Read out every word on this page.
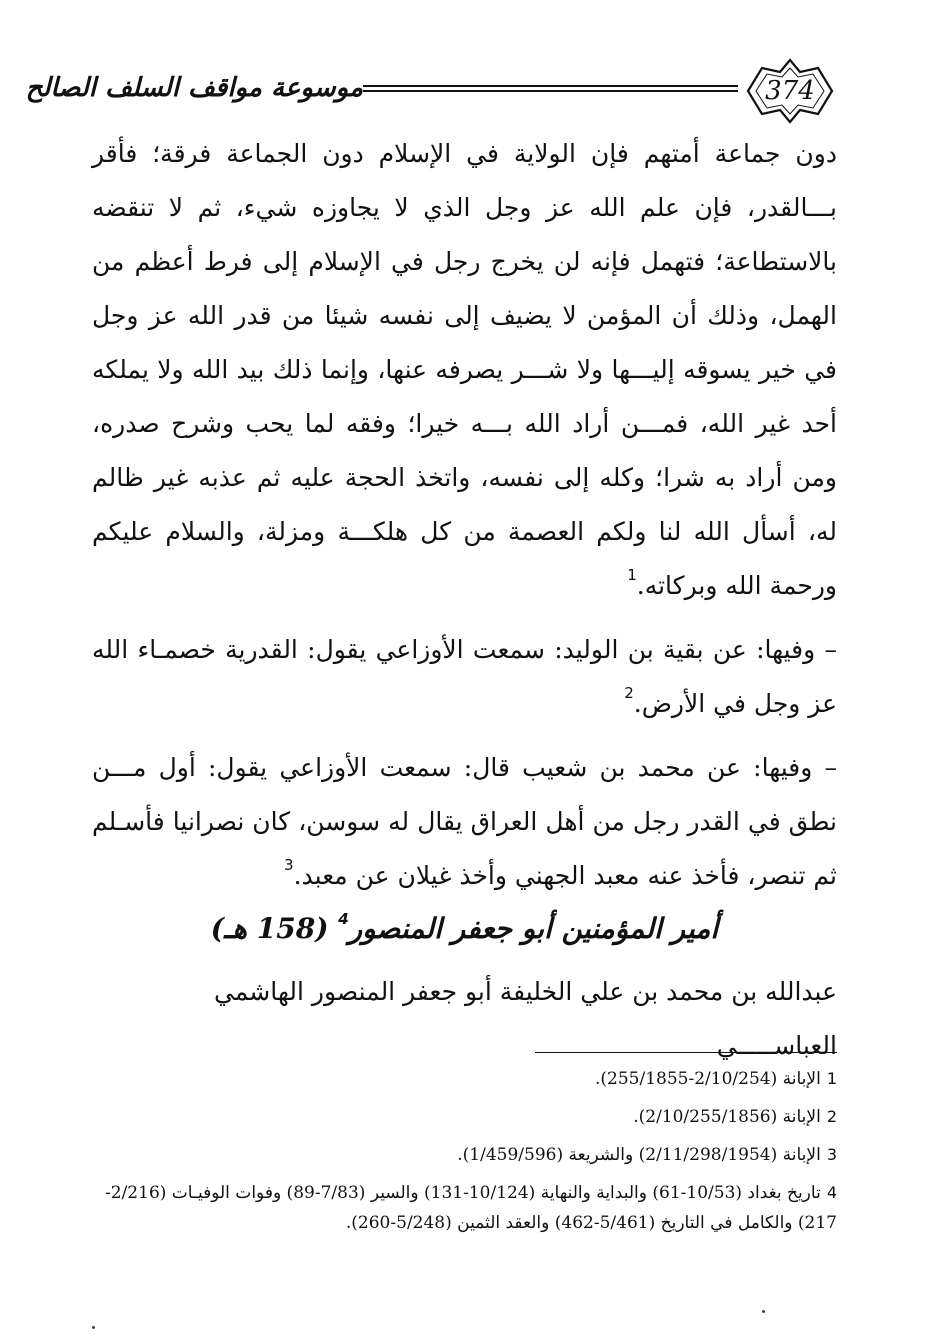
موسوعة مواقف السلف الصالح	374

دون جماعة أمتهم فإن الولاية في الإسلام دون الجماعة فرقة؛ فأقر بـــالقدر، فإن علم الله عز وجل الذي لا يجاوزه شيء، ثم لا تنقضه بالاستطاعة؛ فتهمل فإنه لن يخرج رجل في الإسلام إلى فرط أعظم من الهمل، وذلك أن المؤمن لا يضيف إلى نفسه شيئا من قدر الله عز وجل في خير يسوقه إليـــها ولا شـــر يصرفه عنها، وإنما ذلك بيد الله ولا يملكه أحد غير الله، فمـــن أراد الله بـــه خيرا؛ وفقه لما يحب وشرح صدره، ومن أراد به شرا؛ وكله إلى نفسه، واتخذ الحجة عليه ثم عذبه غير ظالم له، أسأل الله لنا ولكم العصمة من كل هلكـــة ومزلة، والسلام عليكم ورحمة الله وبركاته.$^1$

– وفيها: عن بقية بن الوليد: سمعت الأوزاعي يقول: القدرية خصمـاء الله عز وجل في الأرض.$^2$

– وفيها: عن محمد بن شعيب قال: سمعت الأوزاعي يقول: أول مـــن نطق في القدر رجل من أهل العراق يقال له سوسن، كان نصرانيا فأسـلم ثم تنصر، فأخذ عنه معبد الجهني وأخذ غيلان عن معبد.$^3$

أمير المؤمنين أبو جعفر المنصور$^4$ (158 هـ)
عبدالله بن محمد بن علي الخليفة أبو جعفر المنصور الهاشمي العباســـــي

1الإبانة (2/10/254-255/1855).

2الإبانة (2/10/255/1856).

3الإبانة (2/11/298/1954) والشريعة (1/459/596).

4تاريخ بغداد (10/53-61) والبداية والنهاية (10/124-131) والسير (7/83-89) وفوات الوفيـات (2/216-217) والكامل في التاريخ (5/461-462) والعقد الثمين (5/248-260).
